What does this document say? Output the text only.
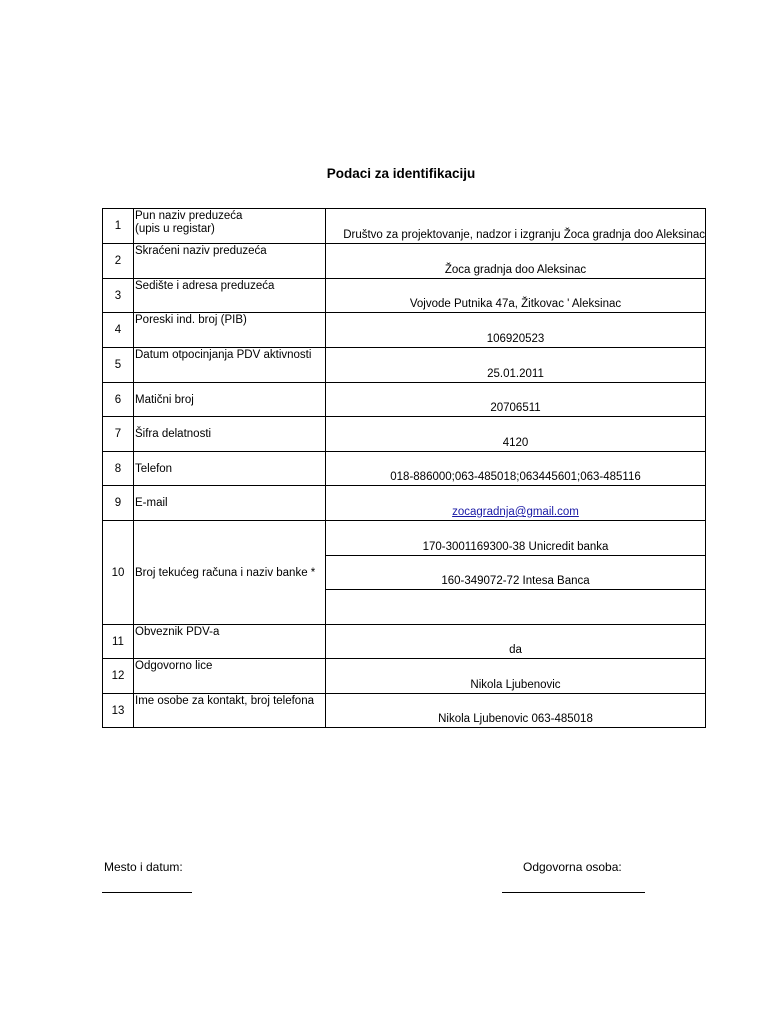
Podaci za identifikaciju
1	Pun naziv preduzeća
(upis u registar)	Društvo za projektovanje, nadzor i izgranju Žoca gradnja doo Aleksinac
2	Skraćeni naziv preduzeća	Žoca gradnja doo Aleksinac
3	Sedište i adresa preduzeća	Vojvode Putnika 47a, Žitkovac ' Aleksinac
4	Poreski ind. broj (PIB)	106920523
5	Datum otpocinjanja PDV aktivnosti	25.01.2011
6	Matični broj	20706511
7	Šifra delatnosti	4120
8	Telefon	018-886000;063-485018;063445601;063-485116
9	E-mail	zocagradnja@gmail.com
10	Broj tekućeg računa i naziv banke *	170-3001169300-38 Unicredit banka
		160-349072-72 Intesa Banca

11	Obveznik PDV-a	da
12	Odgovorno lice	Nikola Ljubenovic
13	Ime osobe za kontakt, broj telefona	Nikola Ljubenovic 063-485018
Mesto i datum:	Odgovorna osoba:
